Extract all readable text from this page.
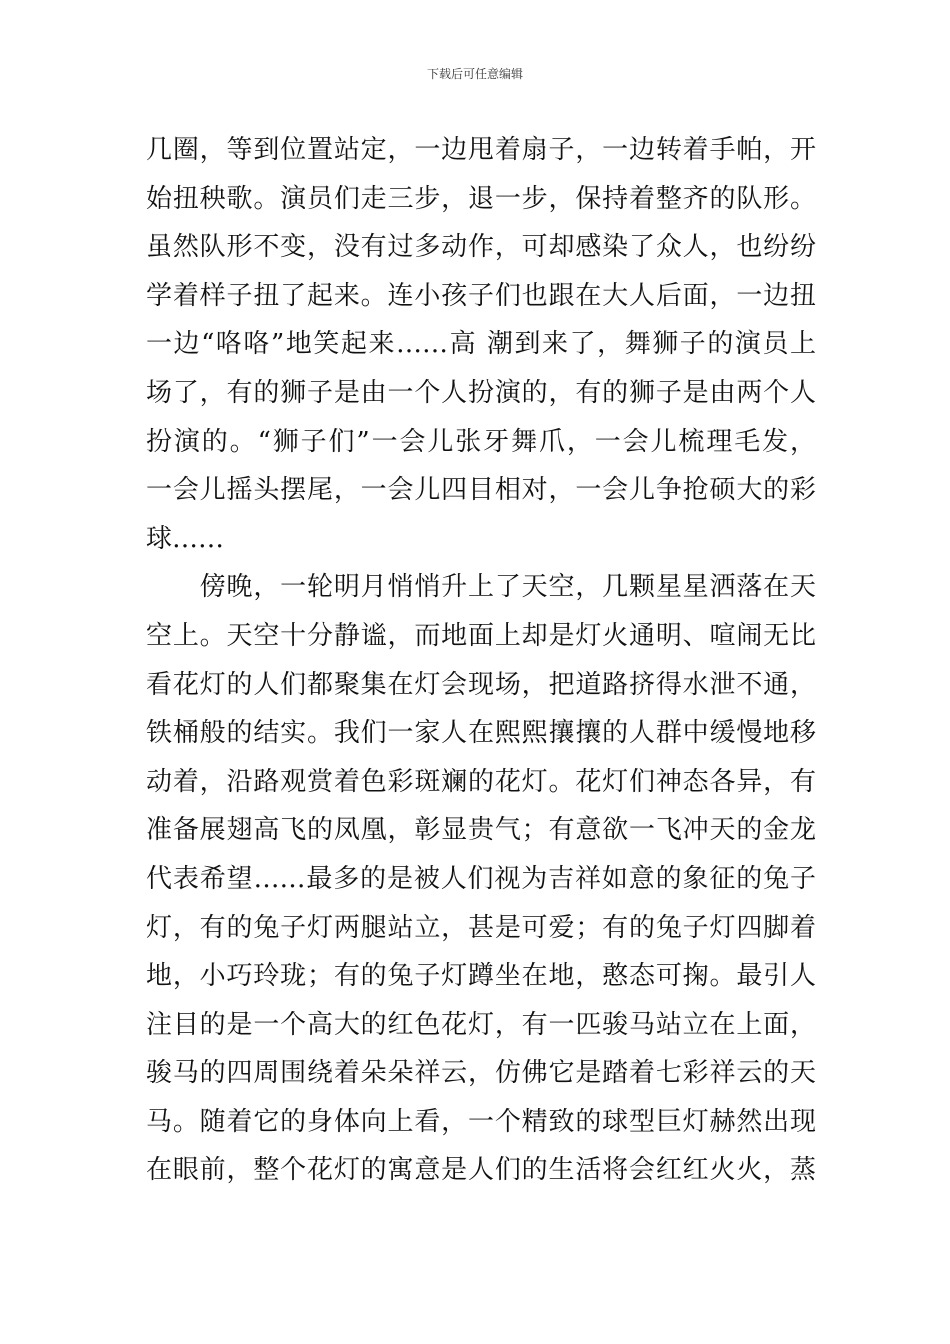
下载后可任意编辑
几圈，等到位置站定，一边甩着扇子，一边转着手帕，开
始扭秧歌。演员们走三步，退一步，保持着整齐的队形。
虽然队形不变，没有过多动作，可却感染了众人，也纷纷
学着样子扭了起来。连小孩子们也跟在大人后面，一边扭
一边“咯咯”地笑起来……高 潮到来了，舞狮子的演员上
场了，有的狮子是由一个人扮演的，有的狮子是由两个人
扮演的。“狮子们”一会儿张牙舞爪，一会儿梳理毛发，
一会儿摇头摆尾，一会儿四目相对，一会儿争抢硕大的彩
球……
　　傍晚，一轮明月悄悄升上了天空，几颗星星洒落在天
空上。天空十分静谧，而地面上却是灯火通明、喧闹无比
看花灯的人们都聚集在灯会现场，把道路挤得水泄不通，
铁桶般的结实。我们一家人在熙熙攘攘的人群中缓慢地移
动着，沿路观赏着色彩斑斓的花灯。花灯们神态各异，有
准备展翅高飞的凤凰，彰显贵气；有意欲一飞冲天的金龙
代表希望……最多的是被人们视为吉祥如意的象征的兔子
灯，有的兔子灯两腿站立，甚是可爱；有的兔子灯四脚着
地，小巧玲珑；有的兔子灯蹲坐在地，憨态可掬。最引人
注目的是一个高大的红色花灯，有一匹骏马站立在上面，
骏马的四周围绕着朵朵祥云，仿佛它是踏着七彩祥云的天
马。随着它的身体向上看，一个精致的球型巨灯赫然出现
在眼前，整个花灯的寓意是人们的生活将会红红火火，蒸
